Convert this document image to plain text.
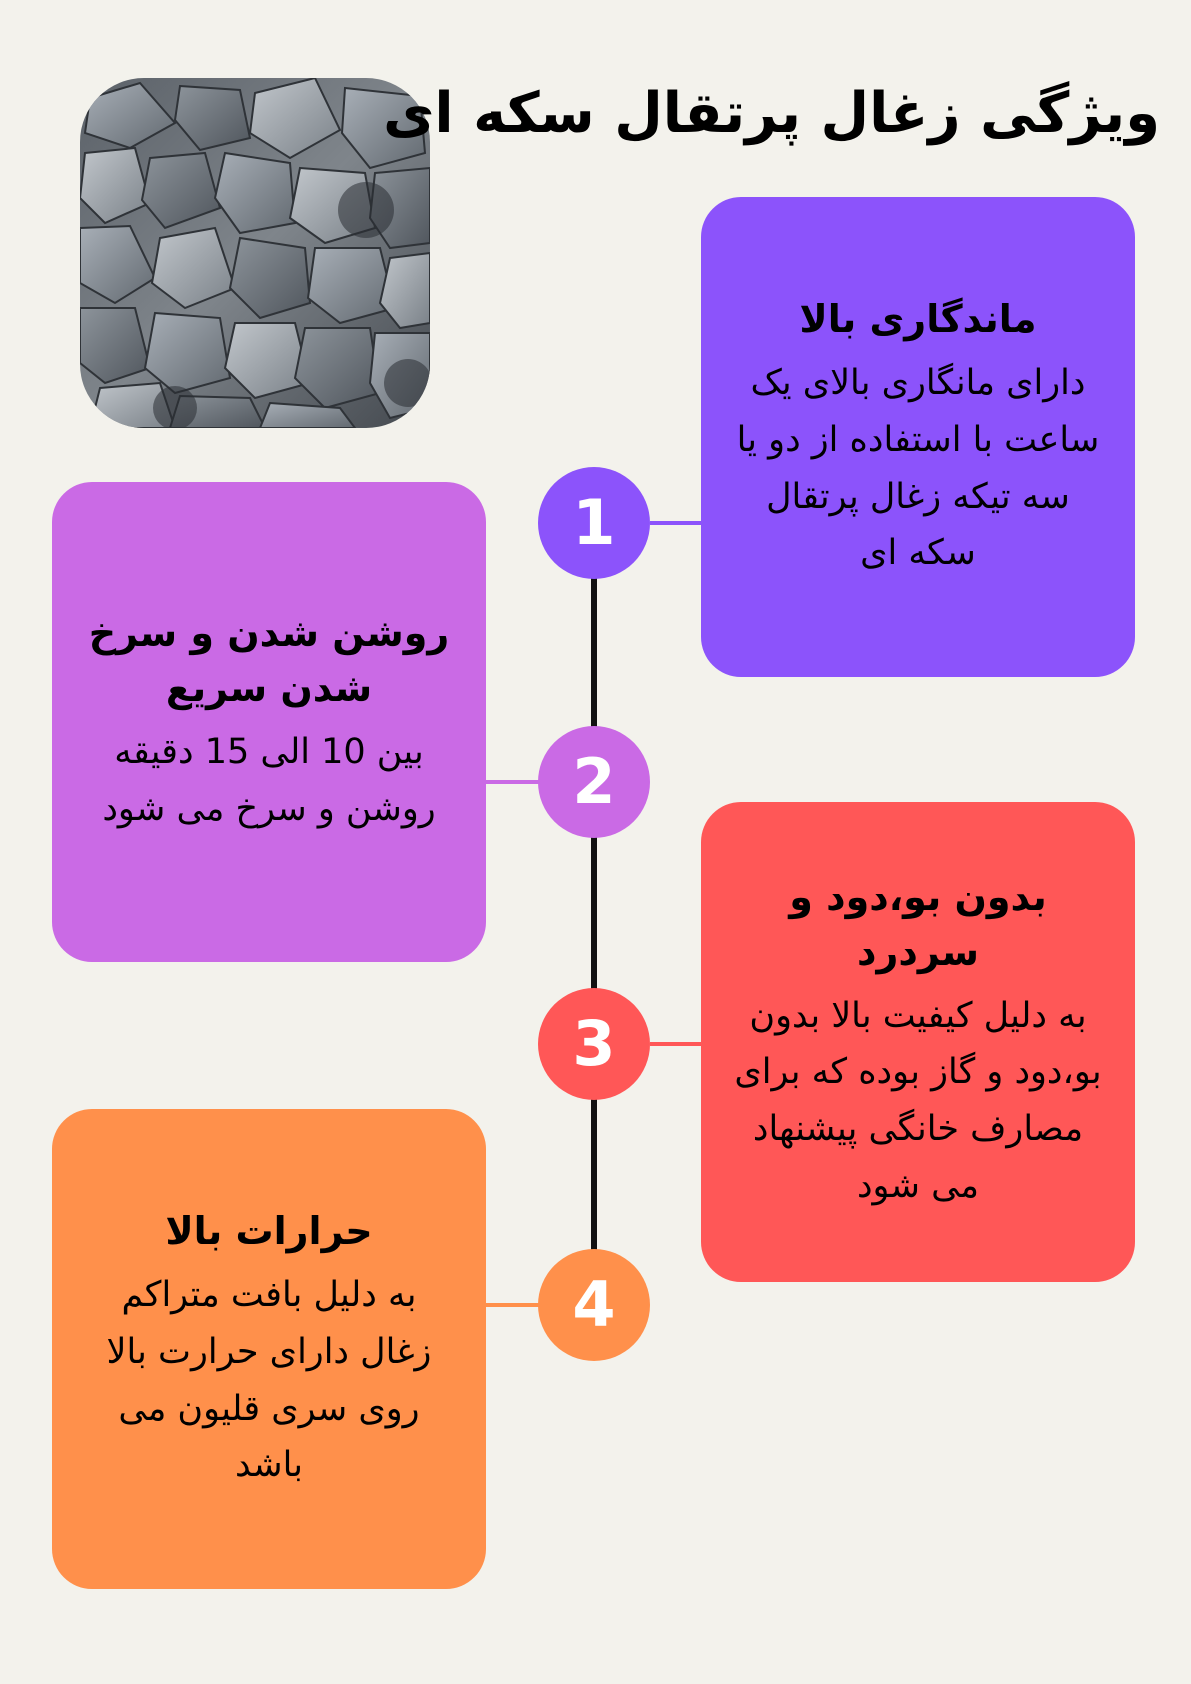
ویژگی زغال پرتقال سکه ای
1
2
3
4
ماندگاری بالا

دارای مانگاری بالای یک ساعت با استفاده از دو یا سه تیکه زغال پرتقال سکه ای

روشن شدن و سرخ شدن سریع

بین 10 الی 15 دقیقه روشن و سرخ می شود

بدون بو،دود و سردرد

به دلیل کیفیت بالا بدون بو،دود و گاز بوده که برای مصارف خانگی پیشنهاد می شود

حرارات بالا

به دلیل بافت متراکم زغال دارای حرارت بالا روی سری قلیون می باشد
